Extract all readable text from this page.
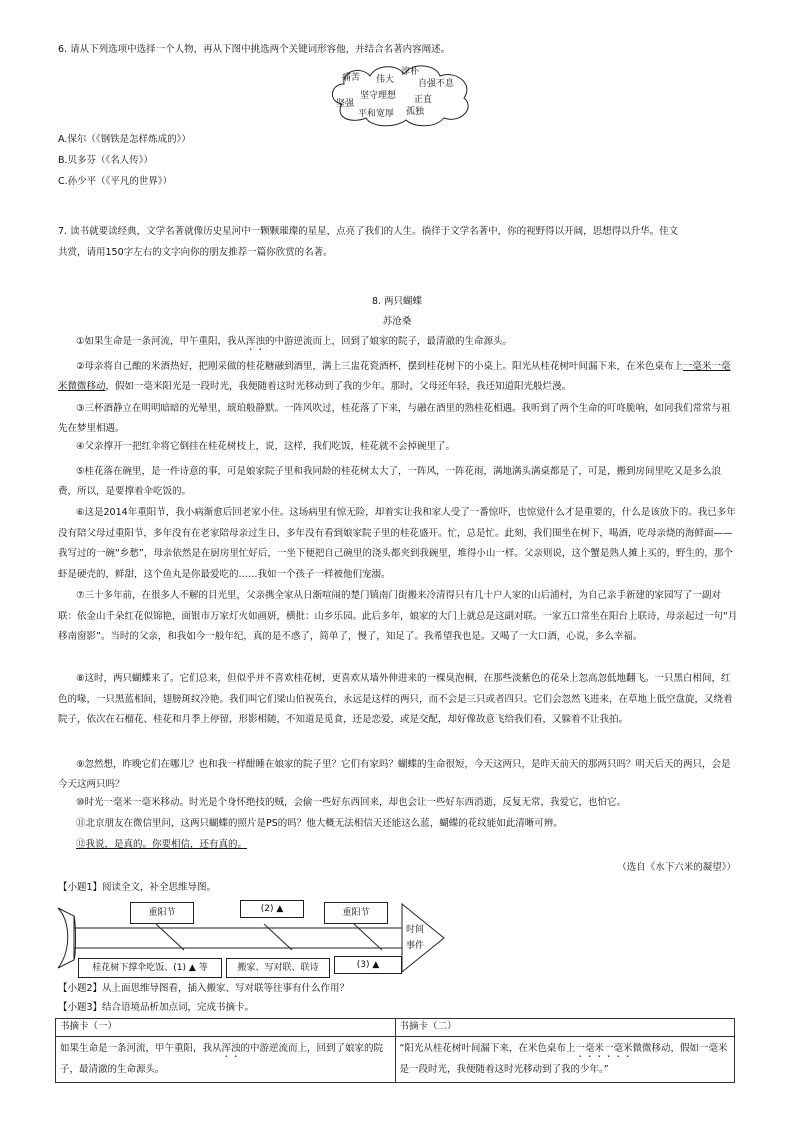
6. 请从下列选项中选择一个人物，再从下图中挑选两个关键词形容他，并结合名著内容阐述。
痛苦 伟大
淳朴
自强不息
坚守理想 正直
坚强
平和宽厚 孤独
A.保尔（《钢铁是怎样炼成的》）
B.贝多芬（《名人传》）
C.孙少平（《平凡的世界》）
7. 读书就要读经典，文学名著就像历史星河中一颗颗璀璨的星星，点亮了我们的人生。徜徉于文学名著中，你的视野得以开阔，思想得以升华。佳文
共赏，请用150字左右的文字向你的朋友推荐一篇你欣赏的名著。
8. 两只蝴蝶
苏沧桑
①如果生命是一条河流，甲午重阳，我从浑浊的中游逆流而上，回到了娘家的院子，最清澈的生命源头。
②母亲将自己酿的米酒热好，把刚采做的桂花糖融到酒里，满上三盅花瓷酒杯，摆到桂花树下的小桌上。阳光从桂花树叶间漏下来，在米色桌布上一毫米一毫米微微移动，假如一毫米阳光是一段时光，我便随着这时光移动到了我的少年。那时，父母还年轻，我还知道阳光般烂漫。
③三杯酒静立在明明暗暗的光晕里，琥珀般静默。一阵风吹过，桂花落了下来，与融在酒里的熟桂花相遇。我听到了两个生命的叮咚脆响，如同我们常常与祖先在梦里相遇。
④父亲撑开一把红伞将它倒挂在桂花树枝上，说，这样，我们吃饭，桂花就不会掉碗里了。
⑤桂花落在碗里，是一件诗意的事，可是娘家院子里和我同龄的桂花树太大了，一阵风，一阵花雨，满地满头满桌都是了，可是，搬到房间里吃又是多么浪费，所以，是要撑着伞吃饭的。
⑥这是2014年重阳节，我小病渐愈后回老家小住。这场病里有惊无险，却着实让我和家人受了一番惊吓，也惊觉什么才是重要的，什么是该放下的。我已多年没有陪父母过重阳节，多年没有在老家陪母亲过生日，多年没有看到娘家院子里的桂花盛开。忙，总是忙。此刻，我们围坐在树下，喝酒，吃母亲烧的海鲜面——我写过的一碗“乡愁”，母亲依然是在厨房里忙好后，一坐下便把自己碗里的浇头都夹到我碗里，堆得小山一样。父亲则说，这个蟹是熟人摊上买的，野生的，那个虾是硬壳的，鲜甜，这个鱼丸是你最爱吃的……我如一个孩子一样被他们宠溺。
⑦三十多年前，在很多人不解的目光里，父亲携全家从日渐喧闹的楚门镇南门街搬来冷清得只有几十户人家的山后浦村，为自己亲手新建的家园写了一副对联：依金山千朵红花似锦艳，面银市万家灯火如画妍，横批：山乡乐园。此后多年，娘家的大门上就总是这副对联。一家五口常坐在阳台上联诗，母亲起过一句“月移南窗影”。当时的父亲，和我如今一般年纪，真的是不惑了，简单了，慢了，知足了。我希望我也是。又喝了一大口酒，心说，多么幸福。
⑧这时，两只蝴蝶来了。它们总来，但似乎并不喜欢桂花树，更喜欢从墙外伸进来的一棵臭泡桐，在那些淡紫色的花朵上忽高忽低地翻飞。一只黑白相间，红色的喙，一只黑蓝相间，翅膀斑纹冷艳。我们叫它们梁山伯祝英台，永远是这样的两只，而不会是三只或者四只。它们会忽然飞进来，在草地上低空盘旋，又绕着院子，依次在石榴花、桂花和月季上停留，形影相随，不知道是觅食，还是恋爱，或是交配，却好像故意飞给我们看，又躲着不让我拍。
⑨忽然想，昨晚它们在哪儿？也和我一样酣睡在娘家的院子里？它们有家吗？蝴蝶的生命很短，今天这两只，是昨天前天的那两只吗？明天后天的两只，会是今天这两只吗？
⑩时光一毫米一毫米移动。时光是个身怀绝技的贼，会偷一些好东西回来，却也会让一些好东西消逝，反复无常，我爱它，也怕它。
⑪北京朋友在微信里问，这两只蝴蝶的照片是PS的吗？他大概无法相信天还能这么蓝，蝴蝶的花纹能如此清晰可辨。
⑫我说，是真的。你要相信，还有真的。
（选自《水下六米的凝望》）
【小题1】阅读全文，补全思维导图。
重阳节	(2) ▲	重阳节
桂花树下撑伞吃饭、(1) ▲ 等	搬家、写对联、联诗	(3) ▲
时间
事件
【小题2】从上面思维导图看，插入搬家、写对联等往事有什么作用？
【小题3】结合语境品析加点词，完成书摘卡。
书摘卡（一）	书摘卡（二）
如果生命是一条河流，甲午重阳，我从浑浊的中游逆流而上，回到了娘家的院子，最清澈的生命源头。	“阳光从桂花树叶间漏下来，在米色桌布上一毫米一毫米微微移动，假如一毫米是一段时光，我便随着这时光移动到了我的少年。”
